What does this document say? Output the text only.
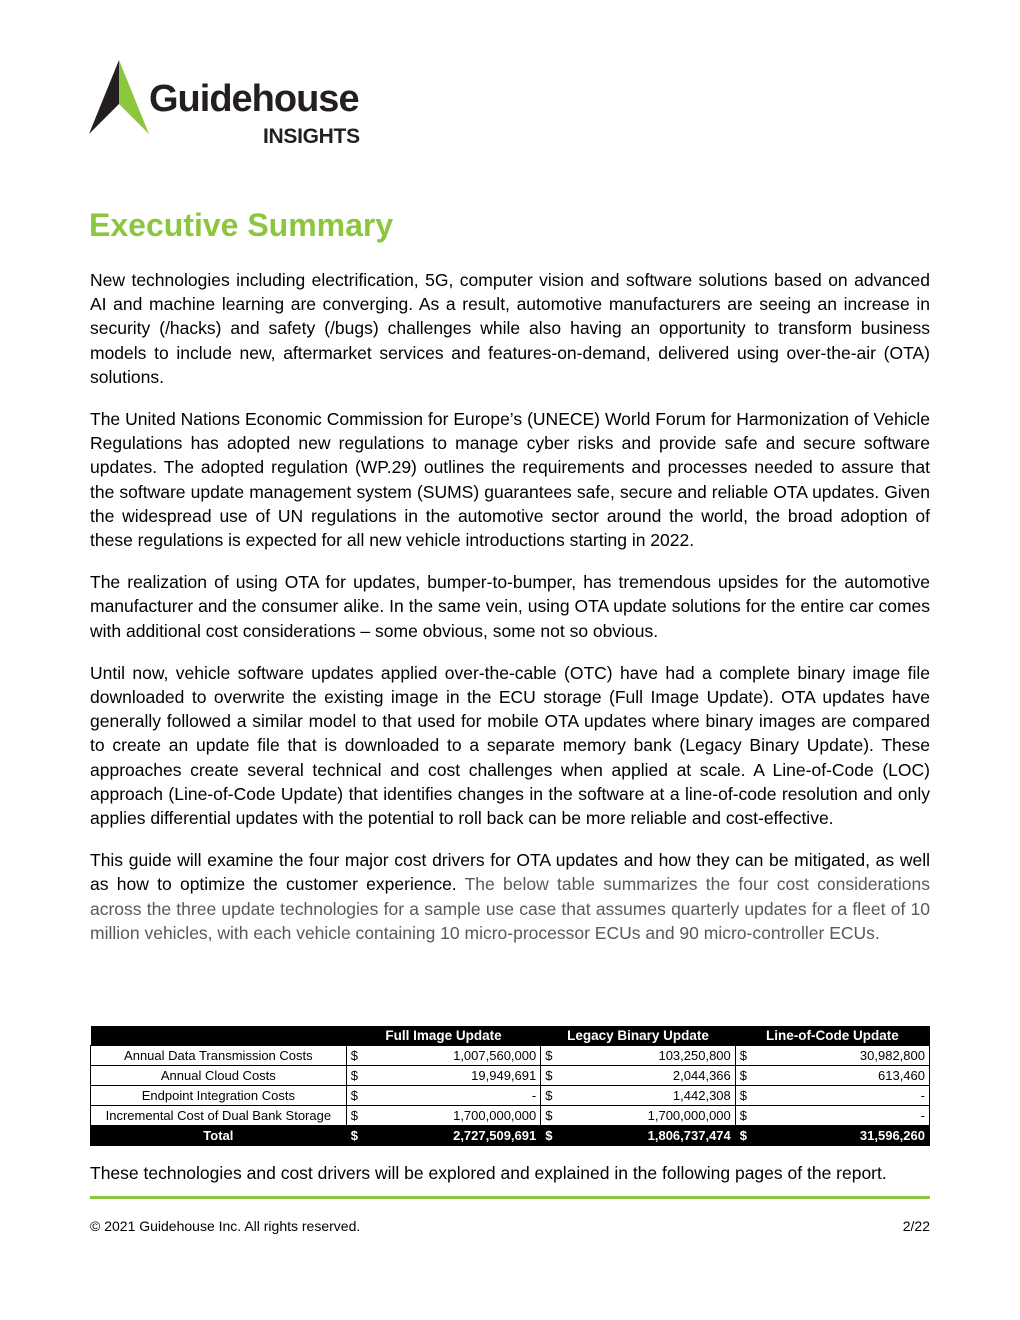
Guidehouse
INSIGHTS
Executive Summary

New technologies including electrification, 5G, computer vision and software solutions based on advanced AI and machine learning are converging. As a result, automotive manufacturers are seeing an increase in security (/hacks) and safety (/bugs) challenges while also having an opportunity to transform business models to include new, aftermarket services and features-on-demand, delivered using over-the-air (OTA) solutions.

The United Nations Economic Commission for Europe’s (UNECE) World Forum for Harmonization of Vehicle Regulations has adopted new regulations to manage cyber risks and provide safe and secure software updates. The adopted regulation (WP.29) outlines the requirements and processes needed to assure that the software update management system (SUMS) guarantees safe, secure and reliable OTA updates. Given the widespread use of UN regulations in the automotive sector around the world, the broad adoption of these regulations is expected for all new vehicle introductions starting in 2022.

The realization of using OTA for updates, bumper-to-bumper, has tremendous upsides for the automotive manufacturer and the consumer alike. In the same vein, using OTA update solutions for the entire car comes with additional cost considerations – some obvious, some not so obvious.

Until now, vehicle software updates applied over-the-cable (OTC) have had a complete binary image file downloaded to overwrite the existing image in the ECU storage (Full Image Update). OTA updates have generally followed a similar model to that used for mobile OTA updates where binary images are compared to create an update file that is downloaded to a separate memory bank (Legacy Binary Update). These approaches create several technical and cost challenges when applied at scale. A Line-of-Code (LOC) approach (Line-of-Code Update) that identifies changes in the software at a line-of-code resolution and only applies differential updates with the potential to roll back can be more reliable and cost-effective.

This guide will examine the four major cost drivers for OTA updates and how they can be mitigated, as well as how to optimize the customer experience. The below table summarizes the four cost considerations across the three update technologies for a sample use case that assumes quarterly updates for a fleet of 10 million vehicles, with each vehicle containing 10 micro-processor ECUs and 90 micro-controller ECUs.

	Full Image Update		Legacy Binary Update		Line-of-Code Update	
Annual Data Transmission Costs	$	1,007,560,000	$	103,250,800	$	30,982,800
Annual Cloud Costs	$	19,949,691	$	2,044,366	$	613,460
Endpoint Integration Costs	$	-	$	1,442,308	$	-
Incremental Cost of Dual Bank Storage	$	1,700,000,000	$	1,700,000,000	$	-
Total	$	2,727,509,691	$	1,806,737,474	$	31,596,260

These technologies and cost drivers will be explored and explained in the following pages of the report.

© 2021 Guidehouse Inc. All rights reserved.	2/22
